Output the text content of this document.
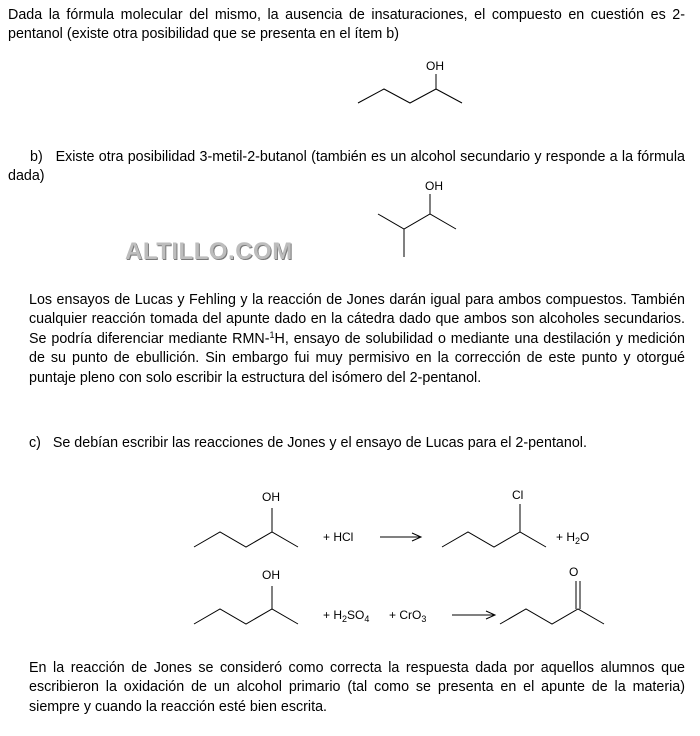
Dada la fórmula molecular del mismo, la ausencia de insaturaciones, el compuesto en cuestión es 2-pentanol (existe otra posibilidad que se presenta en el ítem b)

OH

b) Existe otra posibilidad 3-metil-2-butanol (también es un alcohol secundario y responde a la fórmula dada)

OH
ALTILLO.COM

Los ensayos de Lucas y Fehling y la reacción de Jones darán igual para ambos compuestos. También cualquier reacción tomada del apunte dado en la cátedra dado que ambos son alcoholes secundarios. Se podría diferenciar mediante RMN-$^1$H, ensayo de solubilidad o mediante una destilación y medición de su punto de ebullición. Sin embargo fui muy permisivo en la corrección de este punto y otorgué puntaje pleno con solo escribir la estructura del isómero del 2-pentanol.

c) Se debían escribir las reacciones de Jones y el ensayo de Lucas para el 2-pentanol.

OH
+ HCl
Cl
+ $H_2O$
OH
+ $H_2SO_4 + CrO_3$
O

En la reacción de Jones se consideró como correcta la respuesta dada por aquellos alumnos que escribieron la oxidación de un alcohol primario (tal como se presenta en el apunte de la materia) siempre y cuando la reacción esté bien escrita.
